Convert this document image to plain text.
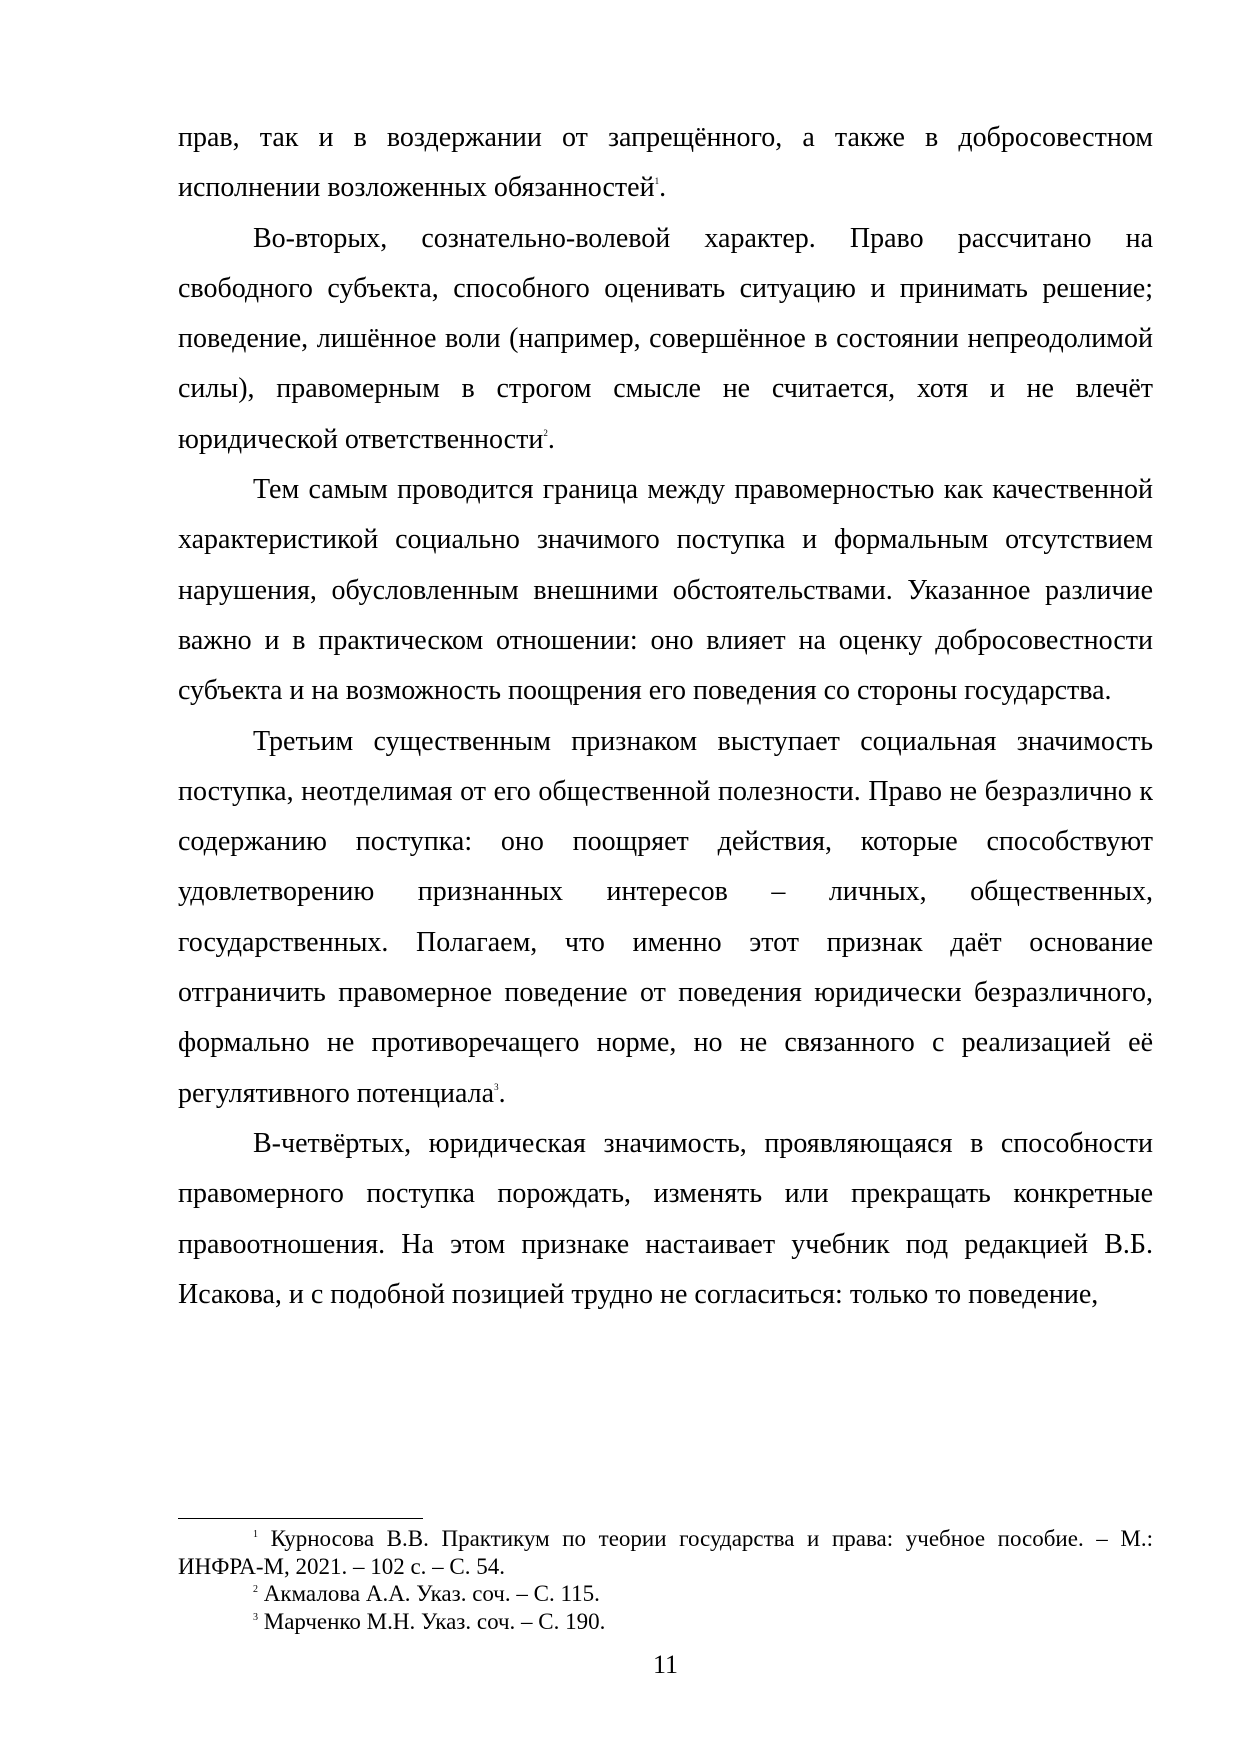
прав, так и в воздержании от запрещённого, а также в добросовестном исполнении возложенных обязанностей$^1$.

Во-вторых, сознательно-волевой характер. Право рассчитано на свободного субъекта, способного оценивать ситуацию и принимать решение; поведение, лишённое воли (например, совершённое в состоянии непреодолимой силы), правомерным в строгом смысле не считается, хотя и не влечёт юридической ответственности$^2$.

Тем самым проводится граница между правомерностью как качественной характеристикой социально значимого поступка и формальным отсутствием нарушения, обусловленным внешними обстоятельствами. Указанное различие важно и в практическом отношении: оно влияет на оценку добросовестности субъекта и на возможность поощрения его поведения со стороны государства.

Третьим существенным признаком выступает социальная значимость поступка, неотделимая от его общественной полезности. Право не безразлично к содержанию поступка: оно поощряет действия, которые способствуют удовлетворению признанных интересов – личных, общественных, государственных. Полагаем, что именно этот признак даёт основание отграничить правомерное поведение от поведения юридически безразличного, формально не противоречащего норме, но не связанного с реализацией её регулятивного потенциала$^3$.

В-четвёртых, юридическая значимость, проявляющаяся в способности правомерного поступка порождать, изменять или прекращать конкретные правоотношения. На этом признаке настаивает учебник под редакцией В.Б. Исакова, и с подобной позицией трудно не согласиться: только то поведение,

$^1$ Курносова В.В. Практикум по теории государства и права: учебное пособие. – М.: ИНФРА-М, 2021. – 102 с. – С. 54.

$^2$ Акмалова А.А. Указ. соч. – С. 115.

$^3$ Марченко М.Н. Указ. соч. – С. 190.

11
